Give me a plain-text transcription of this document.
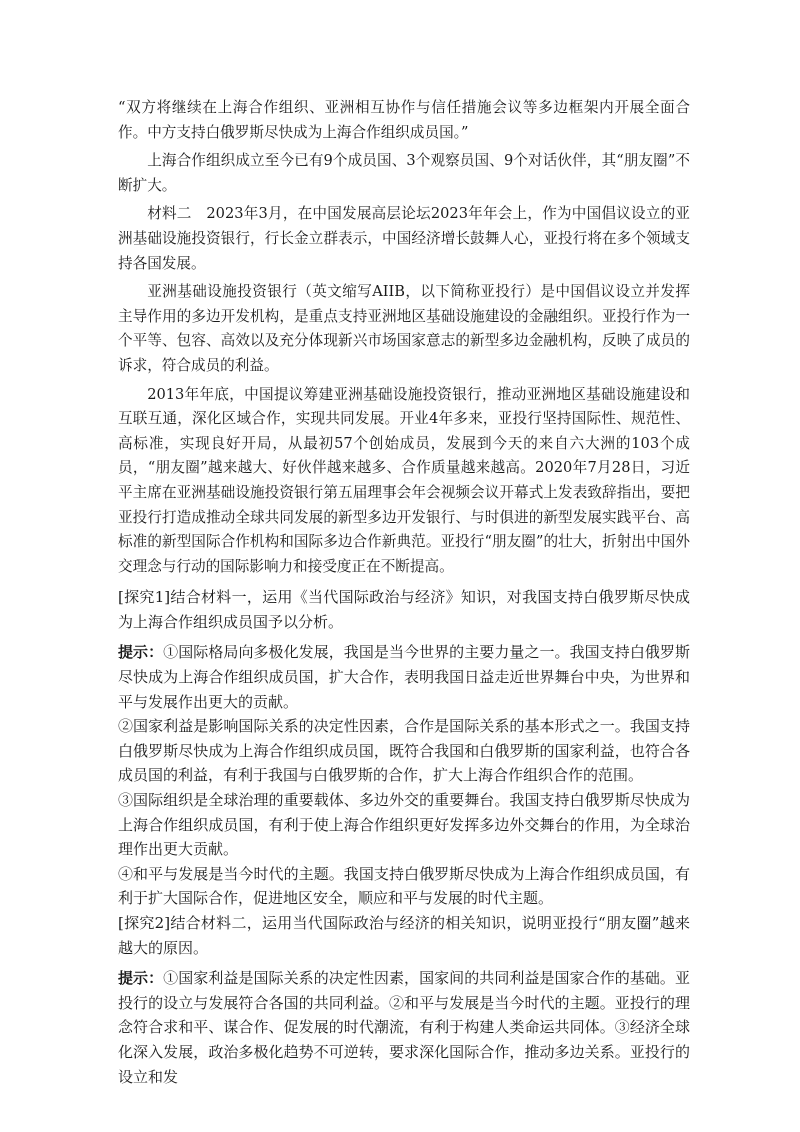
“双方将继续在上海合作组织、亚洲相互协作与信任措施会议等多边框架内开展全面合作。中方支持白俄罗斯尽快成为上海合作组织成员国。”

上海合作组织成立至今已有9个成员国、3个观察员国、9个对话伙伴，其“朋友圈”不断扩大。

材料二　2023年3月，在中国发展高层论坛2023年年会上，作为中国倡议设立的亚洲基础设施投资银行，行长金立群表示，中国经济增长鼓舞人心，亚投行将在多个领域支持各国发展。

亚洲基础设施投资银行（英文缩写AIIB，以下简称亚投行）是中国倡议设立并发挥主导作用的多边开发机构，是重点支持亚洲地区基础设施建设的金融组织。亚投行作为一个平等、包容、高效以及充分体现新兴市场国家意志的新型多边金融机构，反映了成员的诉求，符合成员的利益。

2013年年底，中国提议筹建亚洲基础设施投资银行，推动亚洲地区基础设施建设和互联互通，深化区域合作，实现共同发展。开业4年多来，亚投行坚持国际性、规范性、高标准，实现良好开局，从最初57个创始成员，发展到今天的来自六大洲的103个成员，“朋友圈”越来越大、好伙伴越来越多、合作质量越来越高。2020年7月28日，习近平主席在亚洲基础设施投资银行第五届理事会年会视频会议开幕式上发表致辞指出，要把亚投行打造成推动全球共同发展的新型多边开发银行、与时俱进的新型发展实践平台、高标准的新型国际合作机构和国际多边合作新典范。亚投行“朋友圈”的壮大，折射出中国外交理念与行动的国际影响力和接受度正在不断提高。

[探究1]结合材料一，运用《当代国际政治与经济》知识，对我国支持白俄罗斯尽快成为上海合作组织成员国予以分析。

提示：①国际格局向多极化发展，我国是当今世界的主要力量之一。我国支持白俄罗斯尽快成为上海合作组织成员国，扩大合作，表明我国日益走近世界舞台中央，为世界和平与发展作出更大的贡献。

②国家利益是影响国际关系的决定性因素，合作是国际关系的基本形式之一。我国支持白俄罗斯尽快成为上海合作组织成员国，既符合我国和白俄罗斯的国家利益，也符合各成员国的利益，有利于我国与白俄罗斯的合作，扩大上海合作组织合作的范围。

③国际组织是全球治理的重要载体、多边外交的重要舞台。我国支持白俄罗斯尽快成为上海合作组织成员国，有利于使上海合作组织更好发挥多边外交舞台的作用，为全球治理作出更大贡献。

④和平与发展是当今时代的主题。我国支持白俄罗斯尽快成为上海合作组织成员国，有利于扩大国际合作，促进地区安全，顺应和平与发展的时代主题。

[探究2]结合材料二，运用当代国际政治与经济的相关知识，说明亚投行“朋友圈”越来越大的原因。

提示：①国家利益是国际关系的决定性因素，国家间的共同利益是国家合作的基础。亚投行的设立与发展符合各国的共同利益。②和平与发展是当今时代的主题。亚投行的理念符合求和平、谋合作、促发展的时代潮流，有利于构建人类命运共同体。③经济全球化深入发展，政治多极化趋势不可逆转，要求深化国际合作，推动多边关系。亚投行的设立和发
